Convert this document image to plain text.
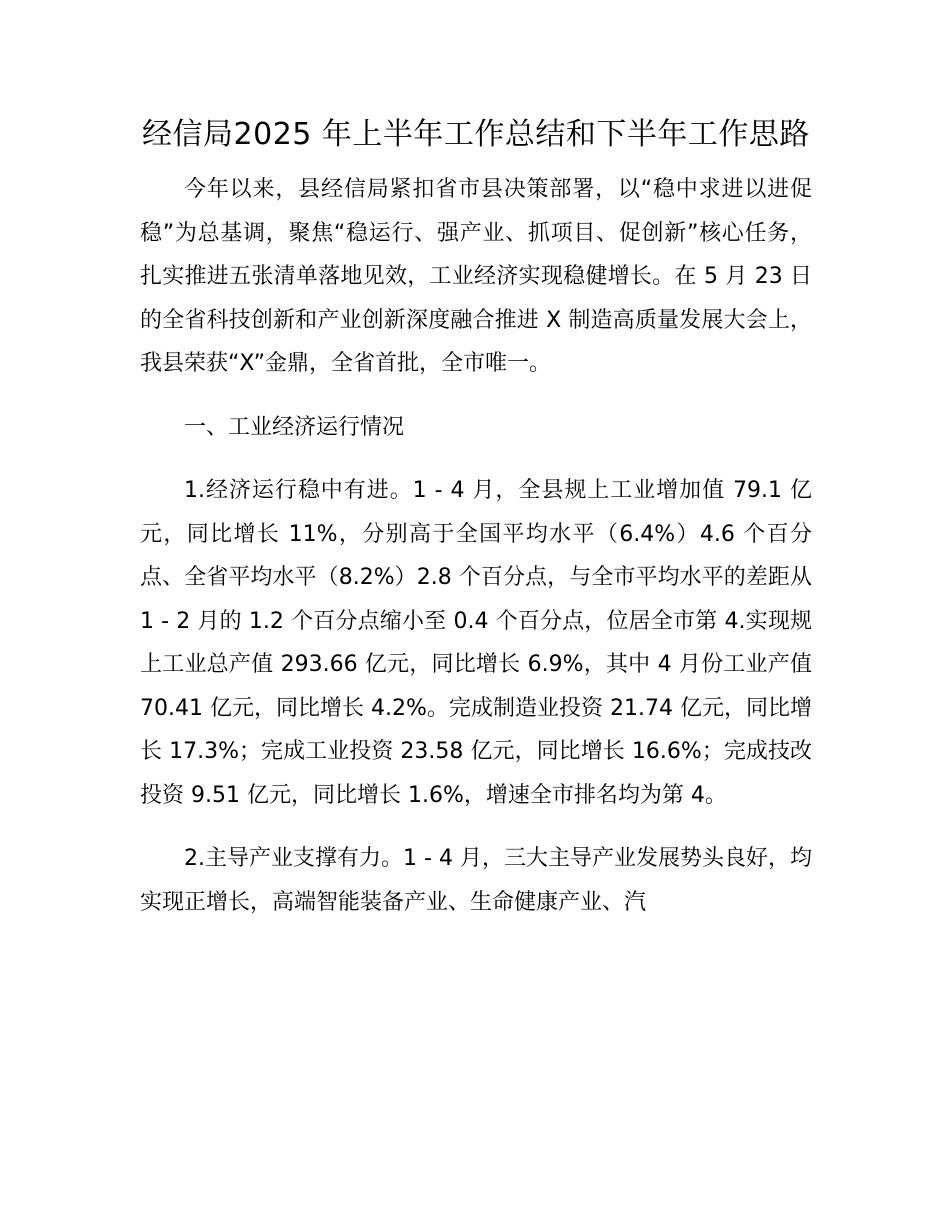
经信局2025 年上半年工作总结和下半年工作思路

今年以来，县经信局紧扣省市县决策部署，以“稳中求进以进促稳”为总基调，聚焦“稳运行、强产业、抓项目、促创新”核心任务，扎实推进五张清单落地见效，工业经济实现稳健增长。在 5 月 23 日的全省科技创新和产业创新深度融合推进 X 制造高质量发展大会上，我县荣获“X”金鼎，全省首批，全市唯一。

一、工业经济运行情况

1.经济运行稳中有进。1 - 4 月，全县规上工业增加值 79.1 亿元，同比增长 11%，分别高于全国平均水平（6.4%）4.6 个百分点、全省平均水平（8.2%）2.8 个百分点，与全市平均水平的差距从 1 - 2 月的 1.2 个百分点缩小至 0.4 个百分点，位居全市第 4.实现规上工业总产值 293.66 亿元，同比增长 6.9%，其中 4 月份工业产值 70.41 亿元，同比增长 4.2%。完成制造业投资 21.74 亿元，同比增长 17.3%；完成工业投资 23.58 亿元，同比增长 16.6%；完成技改投资 9.51 亿元，同比增长 1.6%，增速全市排名均为第 4。

2.主导产业支撑有力。1 - 4 月，三大主导产业发展势头良好，均实现正增长，高端智能装备产业、生命健康产业、汽
